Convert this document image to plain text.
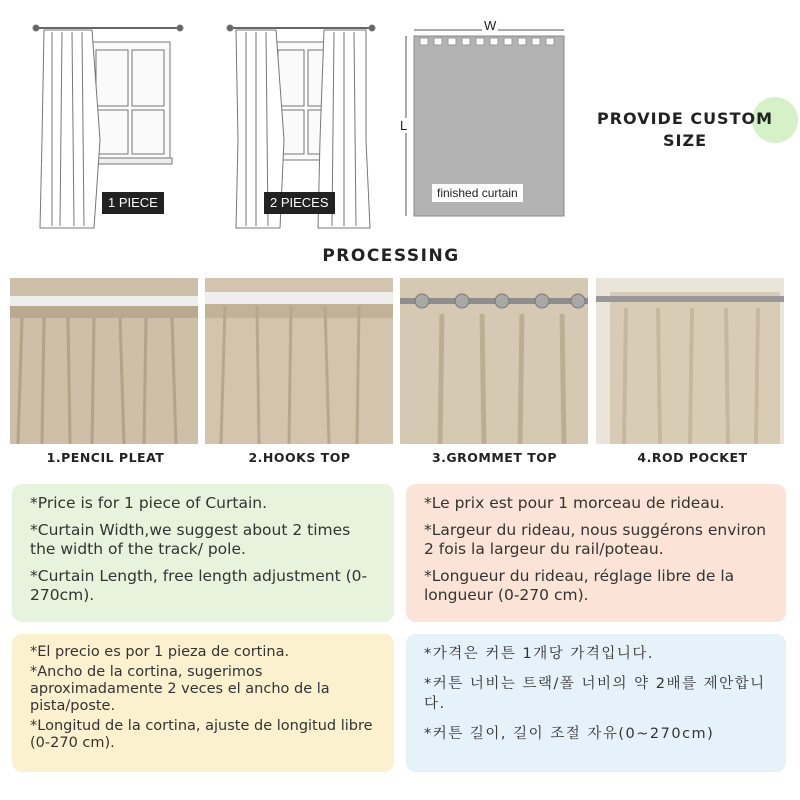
1 PIECE	2 PIECES
W
L
finished curtain
PROVIDE CUSTOM
SIZE
PROCESSING
1.PENCIL PLEAT	2.HOOKS TOP	3.GROMMET TOP	4.ROD POCKET

*Price is for 1 piece of Curtain.

*Curtain Width,we suggest about 2 times the width of the track/ pole.

*Curtain Length, free length adjustment (0-270cm).

*Le prix est pour 1 morceau de rideau.

*Largeur du rideau, nous suggérons environ 2 fois la largeur du rail/poteau.

*Longueur du rideau, réglage libre de la longueur (0-270 cm).

*El precio es por 1 pieza de cortina.

*Ancho de la cortina, sugerimos aproximadamente 2 veces el ancho de la pista/poste.

*Longitud de la cortina, ajuste de longitud libre (0-270 cm).

*가격은 커튼 1개당 가격입니다.

*커튼 너비는 트랙/폴 너비의 약 2배를 제안합니다.

*커튼 길이, 길이 조절 자유(0~270cm)
